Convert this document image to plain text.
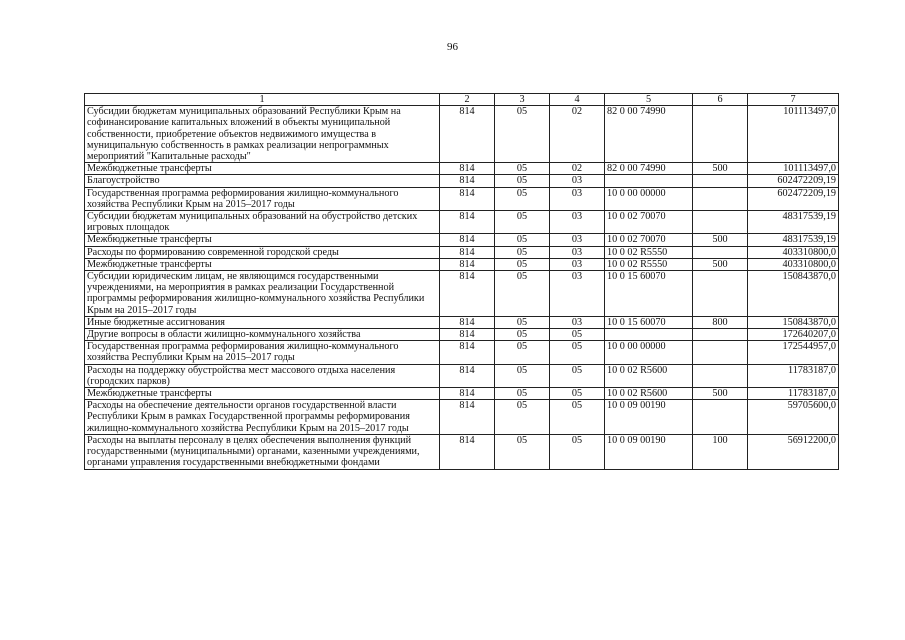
96
1	2	3	4	5	6	7
Субсидии бюджетам муниципальных образований Республики Крым на софинансирование капитальных вложений в объекты муниципальной собственности, приобретение объектов недвижимого имущества в муниципальную собственность в рамках реализации непрограммных мероприятий "Капитальные расходы"	814	05	02	82 0 00 74990		101113497,0
Межбюджетные трансферты	814	05	02	82 0 00 74990	500	101113497,0
Благоустройство	814	05	03			602472209,19
Государственная программа реформирования жилищно-коммунального хозяйства Республики Крым на 2015–2017 годы	814	05	03	10 0 00 00000		602472209,19
Субсидии бюджетам муниципальных образований на обустройство детских игровых площадок	814	05	03	10 0 02 70070		48317539,19
Межбюджетные трансферты	814	05	03	10 0 02 70070	500	48317539,19
Расходы по формированию современной городской среды	814	05	03	10 0 02 R5550		403310800,0
Межбюджетные трансферты	814	05	03	10 0 02 R5550	500	403310800,0
Субсидии юридическим лицам, не являющимся государственными учреждениями, на мероприятия в рамках реализации Государственной программы реформирования жилищно-коммунального хозяйства Республики Крым на 2015–2017 годы	814	05	03	10 0 15 60070		150843870,0
Иные бюджетные ассигнования	814	05	03	10 0 15 60070	800	150843870,0
Другие вопросы в области жилищно-коммунального хозяйства	814	05	05			172640207,0
Государственная программа реформирования жилищно-коммунального хозяйства Республики Крым на 2015–2017 годы	814	05	05	10 0 00 00000		172544957,0
Расходы на поддержку обустройства мест массового отдыха населения (городских парков)	814	05	05	10 0 02 R5600		11783187,0
Межбюджетные трансферты	814	05	05	10 0 02 R5600	500	11783187,0
Расходы на обеспечение деятельности органов государственной власти Республики Крым в рамках Государственной программы реформирования жилищно-коммунального хозяйства Республики Крым на 2015–2017 годы	814	05	05	10 0 09 00190		59705600,0
Расходы на выплаты персоналу в целях обеспечения выполнения функций государственными (муниципальными) органами, казенными учреждениями, органами управления государственными внебюджетными фондами	814	05	05	10 0 09 00190	100	56912200,0
